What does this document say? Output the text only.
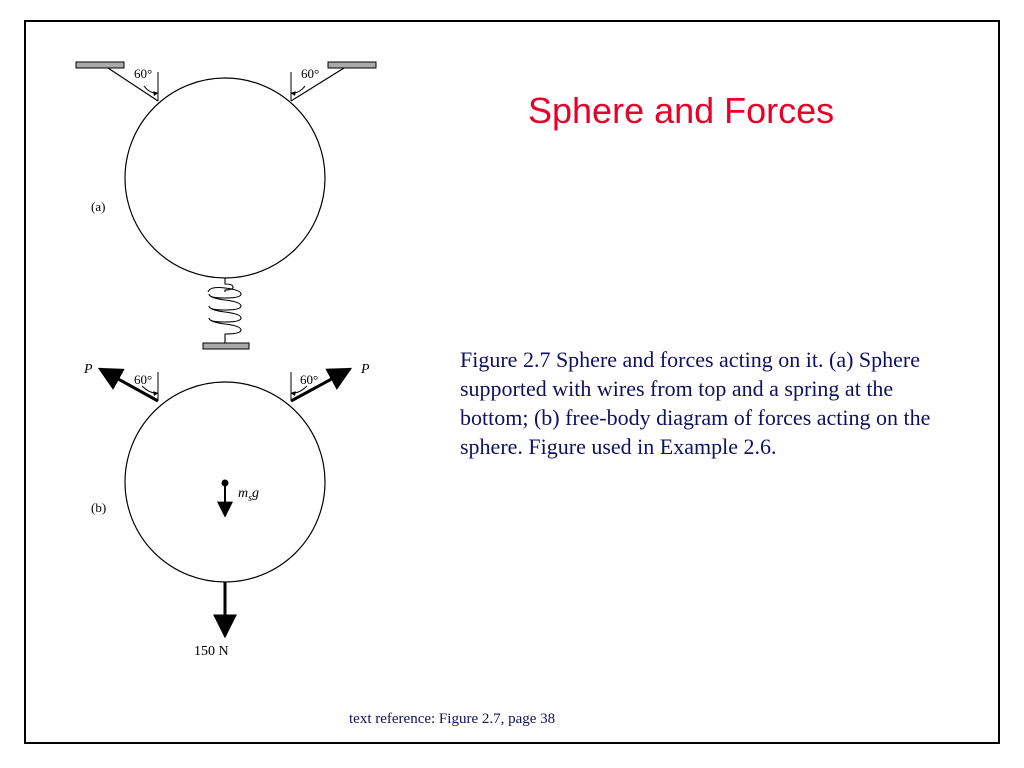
Sphere and Forces
60°	60°
(a)
P	P
60°	60°
(b)
$m_sg$
150 N
Figure 2.7 Sphere and forces acting on it. (a) Sphere supported with wires from top and a spring at the bottom; (b) free-body diagram of forces acting on the sphere. Figure used in Example 2.6.
text reference: Figure 2.7, page 38
